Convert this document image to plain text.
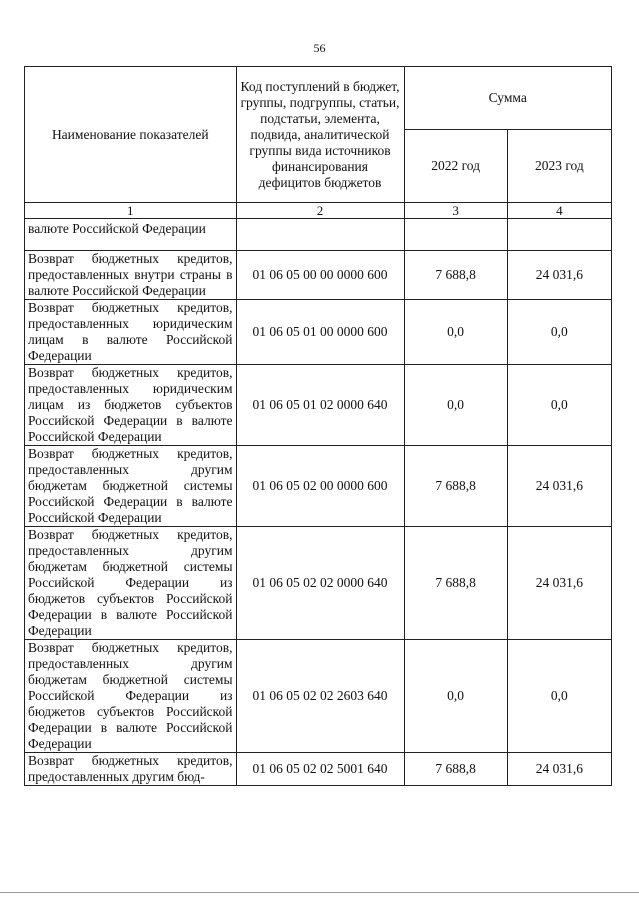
56
Наименование показателей	Код поступлений в бюджет, группы, подгруппы, статьи, подстатьи, элемента, подвида, аналитической группы вида источников финансирования дефицитов бюджетов	Сумма	
		2022 год	2023 год
1	2	3	4
валюте Российской Федерации			
Возврат бюджетных кредитов, предоставленных внутри страны в валюте Российской Федерации	01 06 05 00 00 0000 600	7 688,8	24 031,6
Возврат бюджетных кредитов, предоставленных юридическим лицам в валюте Российской Федерации	01 06 05 01 00 0000 600	0,0	0,0
Возврат бюджетных кредитов, предоставленных юридическим лицам из бюджетов субъектов Российской Федерации в валюте Российской Федерации	01 06 05 01 02 0000 640	0,0	0,0
Возврат бюджетных кредитов, предоставленных другим бюджетам бюджетной системы Российской Федерации в валюте Российской Федерации	01 06 05 02 00 0000 600	7 688,8	24 031,6
Возврат бюджетных кредитов, предоставленных другим бюджетам бюджетной системы Российской Федерации из бюджетов субъектов Российской Федерации в валюте Российской Федерации	01 06 05 02 02 0000 640	7 688,8	24 031,6
Возврат бюджетных кредитов, предоставленных другим бюджетам бюджетной системы Российской Федерации из бюджетов субъектов Российской Федерации в валюте Российской Федерации	01 06 05 02 02 2603 640	0,0	0,0
Возврат бюджетных кредитов, предоставленных другим бюд-	01 06 05 02 02 5001 640	7 688,8	24 031,6
